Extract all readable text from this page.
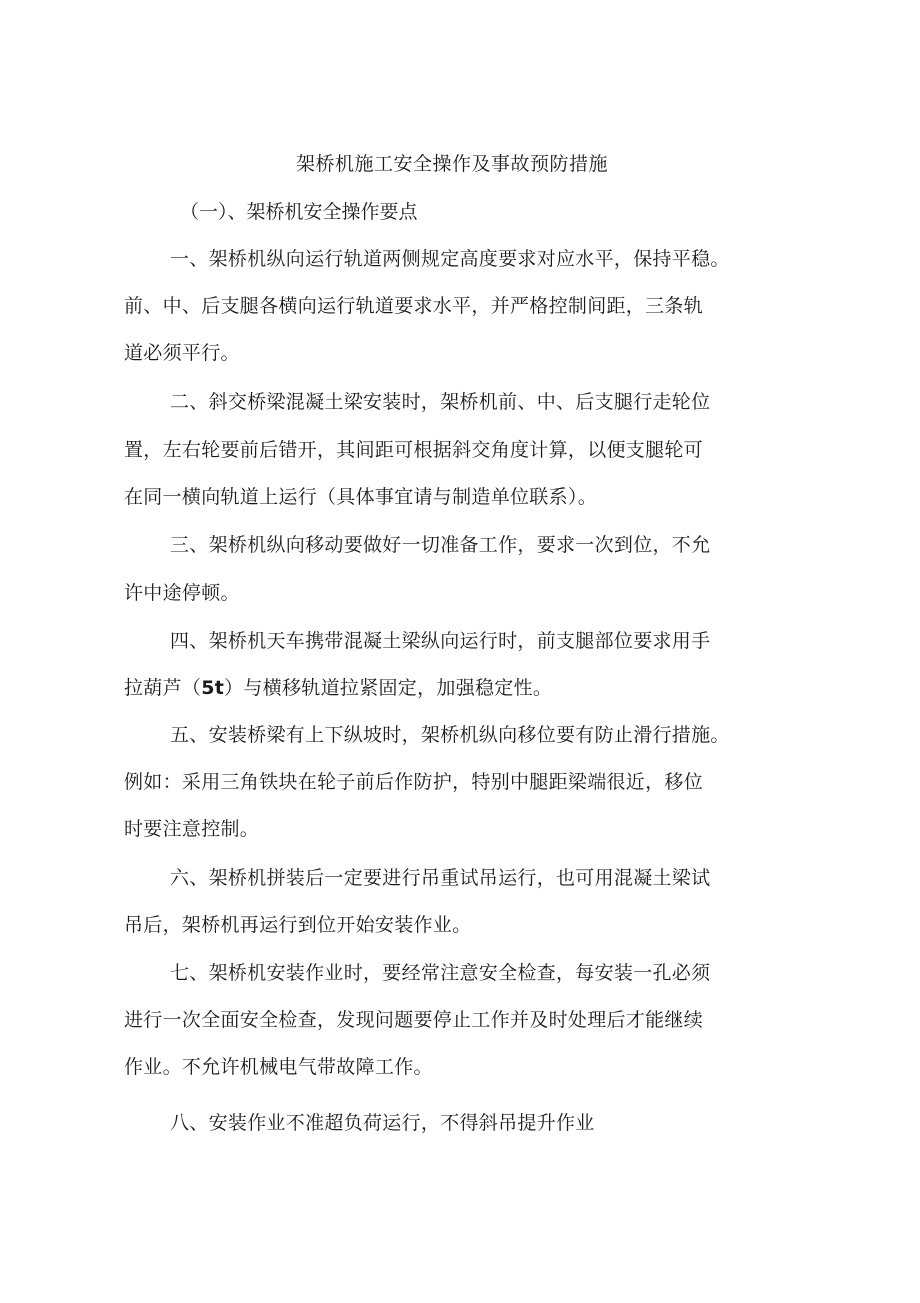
架桥机施工安全操作及事故预防措施
（一）、架桥机安全操作要点
一、架桥机纵向运行轨道两侧规定高度要求对应水平，保持平稳。
前、中、后支腿各横向运行轨道要求水平，并严格控制间距，三条轨
道必须平行。
二、斜交桥梁混凝土梁安装时，架桥机前、中、后支腿行走轮位
置，左右轮要前后错开，其间距可根据斜交角度计算，以便支腿轮可
在同一横向轨道上运行（具体事宜请与制造单位联系）。
三、架桥机纵向移动要做好一切准备工作，要求一次到位，不允
许中途停顿。
四、架桥机天车携带混凝土梁纵向运行时，前支腿部位要求用手
拉葫芦（5t）与横移轨道拉紧固定，加强稳定性。
五、安装桥梁有上下纵坡时，架桥机纵向移位要有防止滑行措施。
例如：采用三角铁块在轮子前后作防护，特别中腿距梁端很近，移位
时要注意控制。
六、架桥机拼装后一定要进行吊重试吊运行，也可用混凝土梁试
吊后，架桥机再运行到位开始安装作业。
七、架桥机安装作业时，要经常注意安全检查，每安装一孔必须
进行一次全面安全检查，发现问题要停止工作并及时处理后才能继续
作业。不允许机械电气带故障工作。
八、安装作业不准超负荷运行，不得斜吊提升作业
